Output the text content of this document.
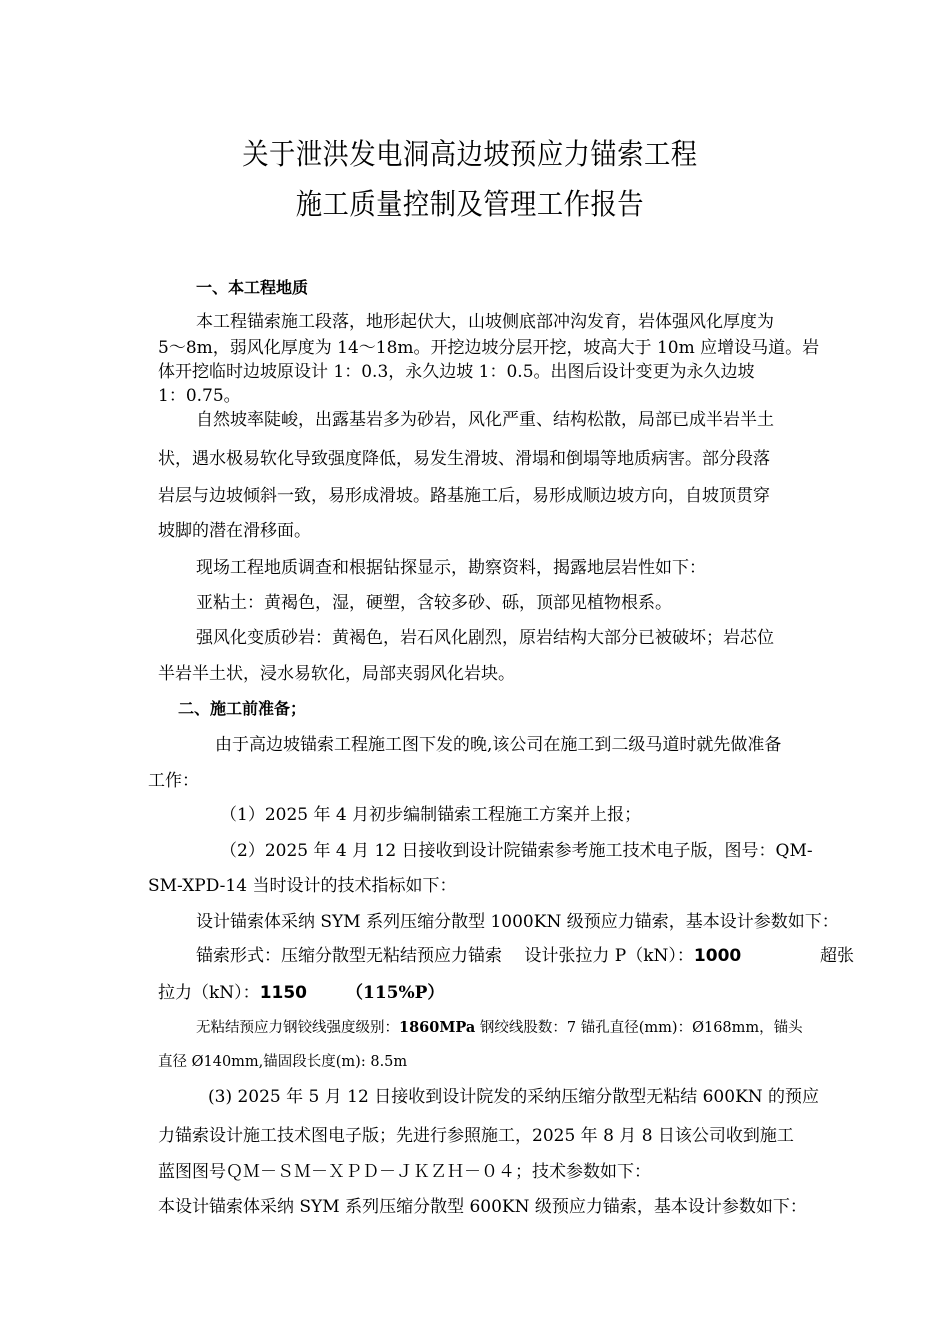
关于泄洪发电洞高边坡预应力锚索工程
施工质量控制及管理工作报告
一、本工程地质
本工程锚索施工段落，地形起伏大，山坡侧底部冲沟发育，岩体强风化厚度为
5～8m，弱风化厚度为 14～18m。开挖边坡分层开挖，坡高大于 10m 应增设马道。岩
体开挖临时边坡原设计 1：0.3，永久边坡 1：0.5。出图后设计变更为永久边坡
1：0.75。
自然坡率陡峻，出露基岩多为砂岩，风化严重、结构松散，局部已成半岩半土
状，遇水极易软化导致强度降低，易发生滑坡、滑塌和倒塌等地质病害。部分段落
岩层与边坡倾斜一致，易形成滑坡。路基施工后，易形成顺边坡方向，自坡顶贯穿
坡脚的潜在滑移面。
现场工程地质调查和根据钻探显示，勘察资料，揭露地层岩性如下：
亚粘土：黄褐色，湿，硬塑，含较多砂、砾，顶部见植物根系。
强风化变质砂岩：黄褐色，岩石风化剧烈，原岩结构大部分已被破坏；岩芯位
半岩半土状，浸水易软化，局部夹弱风化岩块。
二、施工前准备；
由于高边坡锚索工程施工图下发的晚,该公司在施工到二级马道时就先做准备
工作：
（1）2025 年 4 月初步编制锚索工程施工方案并上报；
（2）2025 年 4 月 12 日接收到设计院锚索参考施工技术电子版，图号：QM-
SM-XPD-14 当时设计的技术指标如下：
设计锚索体采纳 SYM 系列压缩分散型 1000KN 级预应力锚索，基本设计参数如下：
锚索形式：压缩分散型无粘结预应力锚索　 设计张拉力 P（kN）：1000	超张
拉力（kN）：1150 （115%P）
无粘结预应力钢铰线强度级别：1860MPa 钢绞线股数：7 锚孔直径(mm)：Ø168mm，锚头
直径 Ø140mm,锚固段长度(m): 8.5m
(3) 2025 年 5 月 12 日接收到设计院发的采纳压缩分散型无粘结 600KN 的预应
力锚索设计施工技术图电子版；先进行参照施工，2025 年 8 月 8 日该公司收到施工
蓝图图号ＱＭ－ＳＭ－ＸＰＤ－ＪＫＺＨ－０４；技术参数如下：
本设计锚索体采纳 SYM 系列压缩分散型 600KN 级预应力锚索，基本设计参数如下：
